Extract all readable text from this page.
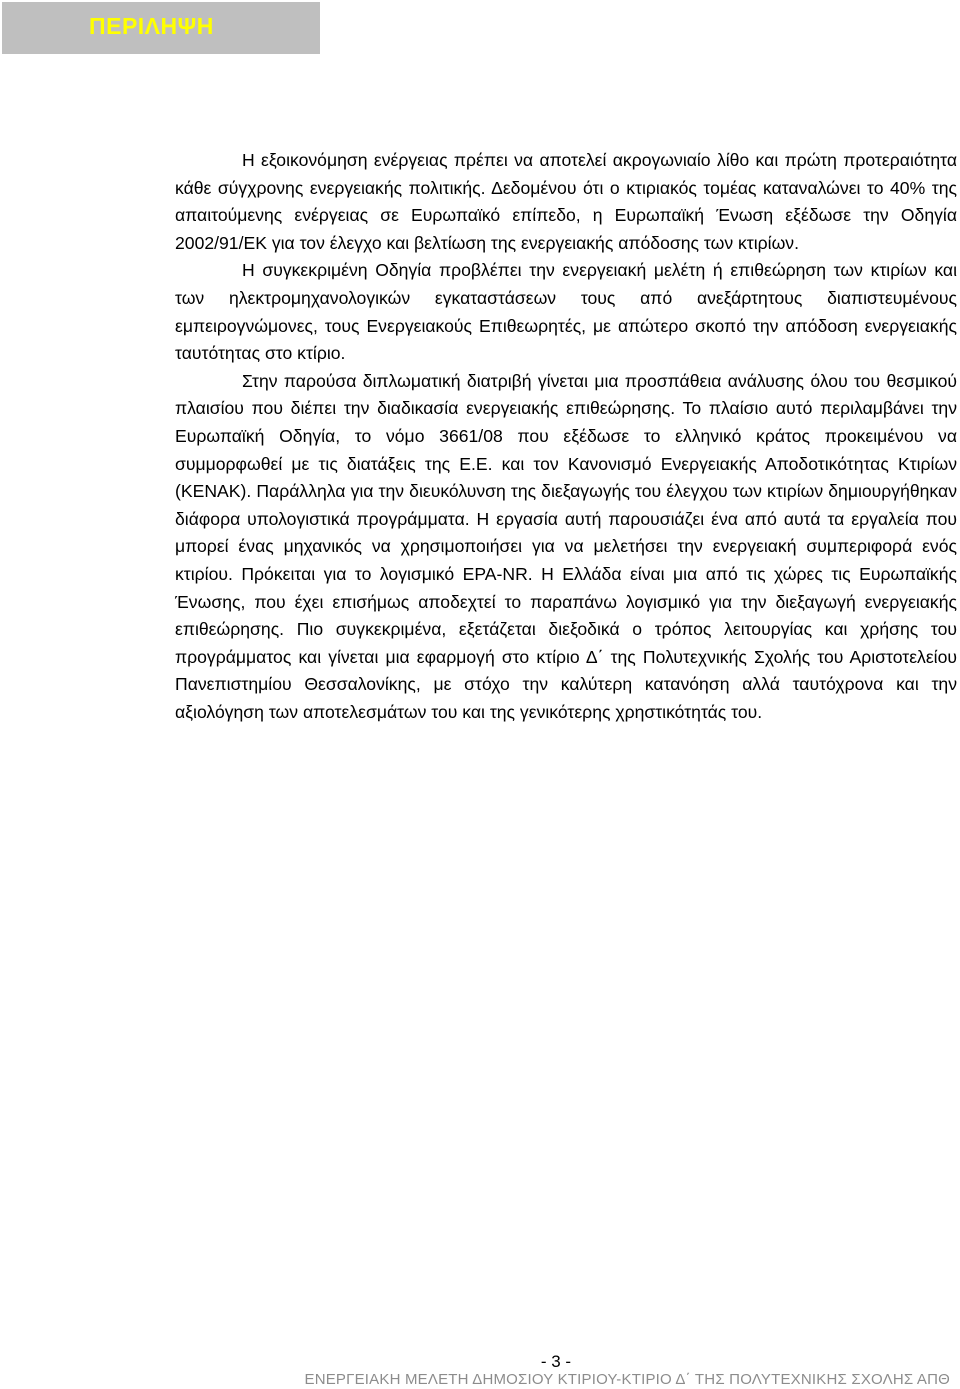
ΠΕΡΙΛΗΨΗ

Η εξοικονόμηση ενέργειας πρέπει να αποτελεί ακρογωνιαίο λίθο και πρώτη προτεραιότητα κάθε σύγχρονης ενεργειακής πολιτικής. Δεδομένου ότι ο κτιριακός τομέας καταναλώνει το 40% της απαιτούμενης ενέργειας σε Ευρωπαϊκό επίπεδο, η Ευρωπαϊκή Ένωση εξέδωσε την Οδηγία 2002/91/ΕΚ για τον έλεγχο και βελτίωση της ενεργειακής απόδοσης των κτιρίων.

Η συγκεκριμένη Οδηγία προβλέπει την ενεργειακή μελέτη ή επιθεώρηση των κτιρίων και των ηλεκτρομηχανολογικών εγκαταστάσεων τους από ανεξάρτητους διαπιστευμένους εμπειρογνώμονες, τους Ενεργειακούς Επιθεωρητές, με απώτερο σκοπό την απόδοση ενεργειακής ταυτότητας στο κτίριο.

Στην παρούσα διπλωματική διατριβή γίνεται μια προσπάθεια ανάλυσης όλου του θεσμικού πλαισίου που διέπει την διαδικασία ενεργειακής επιθεώρησης. Το πλαίσιο αυτό περιλαμβάνει την Ευρωπαϊκή Οδηγία, το νόμο 3661/08 που εξέδωσε το ελληνικό κράτος προκειμένου να συμμορφωθεί με τις διατάξεις της Ε.Ε. και τον Κανονισμό Ενεργειακής Αποδοτικότητας Κτιρίων (ΚΕΝΑΚ). Παράλληλα για την διευκόλυνση της διεξαγωγής του έλεγχου των κτιρίων δημιουργήθηκαν διάφορα υπολογιστικά προγράμματα. Η εργασία αυτή παρουσιάζει ένα από αυτά τα εργαλεία που μπορεί ένας μηχανικός να χρησιμοποιήσει για να μελετήσει την ενεργειακή συμπεριφορά ενός κτιρίου. Πρόκειται για το λογισμικό EPA-NR. Η Ελλάδα είναι μια από τις χώρες τις Ευρωπαϊκής Ένωσης, που έχει επισήμως αποδεχτεί το παραπάνω λογισμικό για την διεξαγωγή ενεργειακής επιθεώρησης. Πιο συγκεκριμένα, εξετάζεται διεξοδικά ο τρόπος λειτουργίας και χρήσης του προγράμματος και γίνεται μια εφαρμογή στο κτίριο Δ΄ της Πολυτεχνικής Σχολής του Αριστοτελείου Πανεπιστημίου Θεσσαλονίκης, με στόχο την καλύτερη κατανόηση αλλά ταυτόχρονα και την αξιολόγηση των αποτελεσμάτων του και της γενικότερης χρηστικότητάς του.

- 3 -
ΕΝΕΡΓΕΙΑΚΗ ΜΕΛΕΤΗ ΔΗΜΟΣΙΟΥ ΚΤΙΡΙΟΥ-ΚΤΙΡΙΟ Δ΄ ΤΗΣ ΠΟΛΥΤΕΧΝΙΚΗΣ ΣΧΟΛΗΣ ΑΠΘ
